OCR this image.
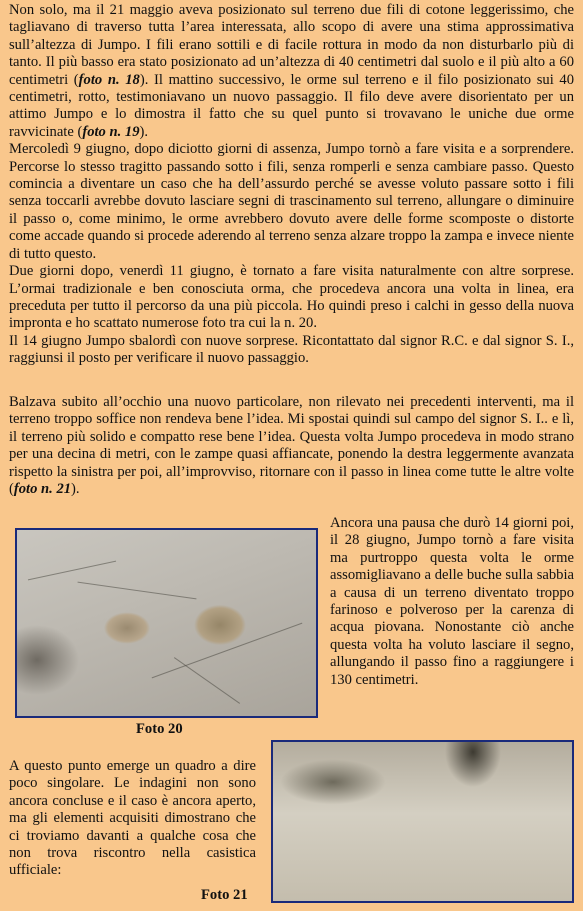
Non solo, ma il 21 maggio aveva posizionato sul terreno due fili di cotone leggerissimo, che tagliavano di traverso tutta l’area interessata, allo scopo di avere una stima approssimativa sull’altezza di Jumpo. I fili erano sottili e di facile rottura in modo da non disturbarlo più di tanto. Il più basso era stato posizionato ad un’altezza di 40 centimetri dal suolo e il più alto a 60 centimetri (foto n. 18). Il mattino successivo, le orme sul terreno e il filo posizionato sui 40 centimetri, rotto, testimoniavano un nuovo passaggio. Il filo deve avere disorientato per un attimo Jumpo e lo dimostra il fatto che su quel punto si trovavano le uniche due orme ravvicinate (foto n. 19).

Mercoledì 9 giugno, dopo diciotto giorni di assenza, Jumpo tornò a fare visita e a sorprendere. Percorse lo stesso tragitto passando sotto i fili, senza romperli e senza cambiare passo. Questo comincia a diventare un caso che ha dell’assurdo perché se avesse voluto passare sotto i fili senza toccarli avrebbe dovuto lasciare segni di trascinamento sul terreno, allungare o diminuire il passo o, come minimo, le orme avrebbero dovuto avere delle forme scomposte o distorte come accade quando si procede aderendo al terreno senza alzare troppo la zampa e invece niente di tutto questo.

Due giorni dopo, venerdì 11 giugno, è tornato a fare visita naturalmente con altre sorprese. L’ormai tradizionale e ben conosciuta orma, che procedeva ancora una volta in linea, era preceduta per tutto il percorso da una più piccola. Ho quindi preso i calchi in gesso della nuova impronta e ho scattato numerose foto tra cui la n. 20.

Il 14 giugno Jumpo sbalordì con nuove sorprese. Ricontattato dal signor R.C. e dal signor S. I., raggiunsi il posto per verificare il nuovo passaggio.

Balzava subito all’occhio una nuovo particolare, non rilevato nei precedenti interventi, ma il terreno troppo soffice non rendeva bene l’idea. Mi spostai quindi sul campo del signor S. I.. e lì, il terreno più solido e compatto rese bene l’idea. Questa volta Jumpo procedeva in modo strano per una decina di metri, con le zampe quasi affiancate, ponendo la destra leggermente avanzata rispetto la sinistra per poi, all’improvviso, ritornare con il passo in linea come tutte le altre volte (foto n. 21).

Foto 20
Ancora una pausa che durò 14 giorni poi, il 28 giugno, Jumpo tornò a fare visita ma purtroppo questa volta le orme assomigliavano a delle buche sulla sabbia a causa di un terreno diventato troppo farinoso e polveroso per la carenza di acqua piovana. Nonostante ciò anche questa volta ha voluto lasciare il segno, allungando il passo fino a raggiungere i 130 centimetri.
A questo punto emerge un quadro a dire poco singolare. Le indagini non sono ancora concluse e il caso è ancora aperto, ma gli elementi acquisiti dimostrano che ci troviamo davanti a qualche cosa che non trova riscontro nella casistica ufficiale:
Foto 21
